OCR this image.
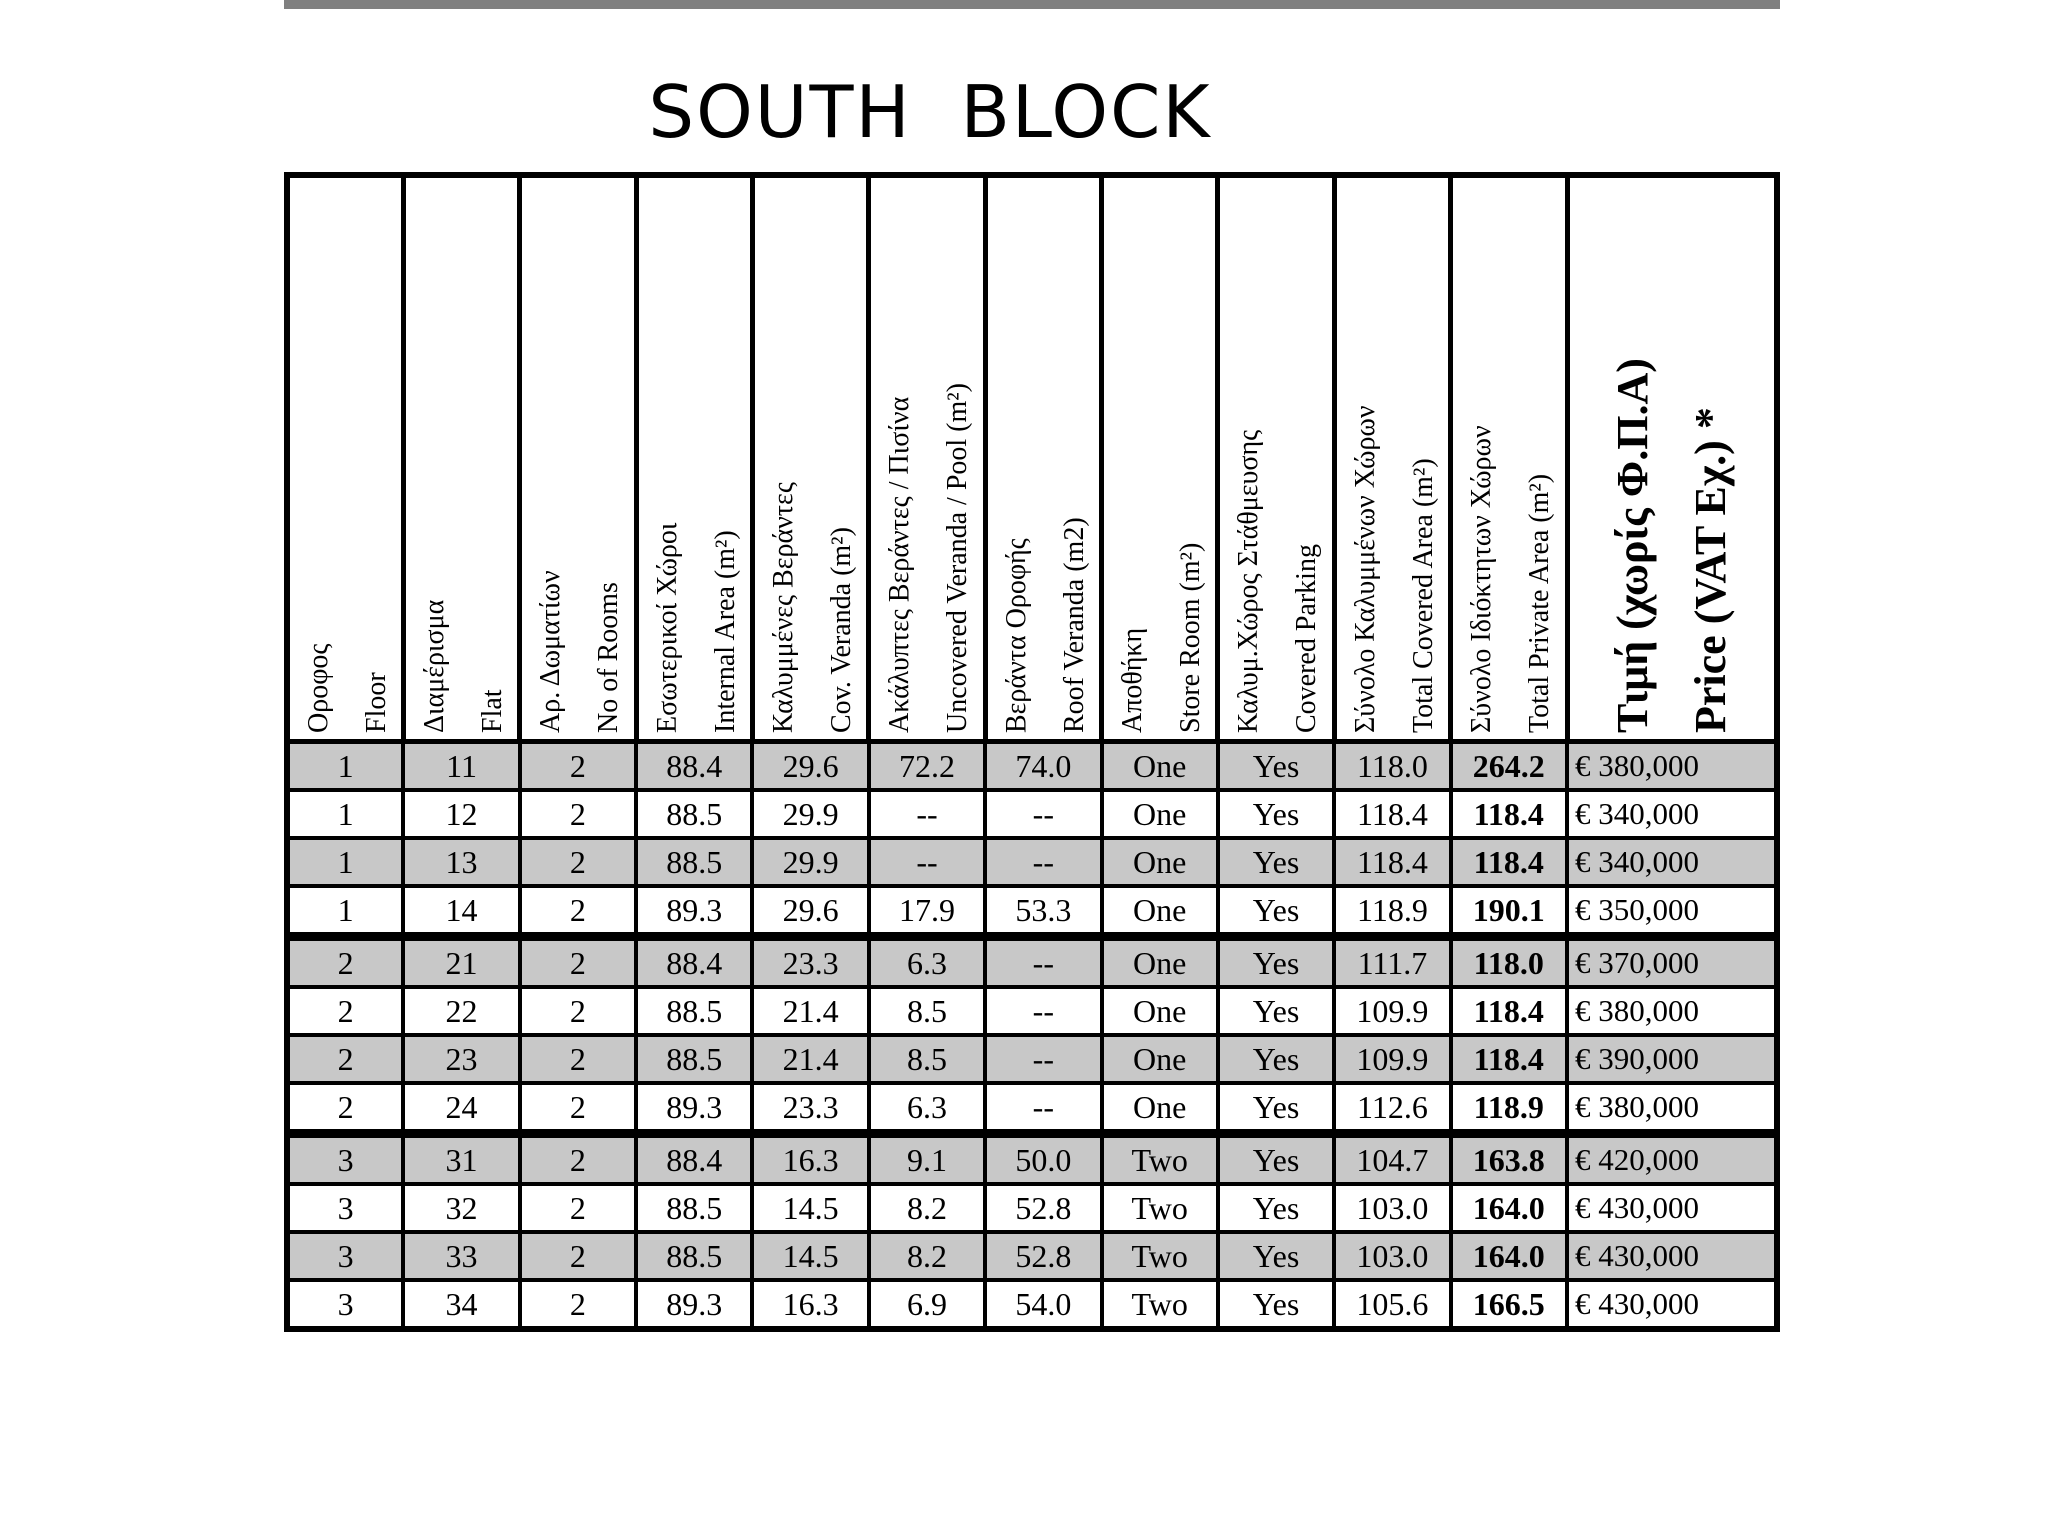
SOUTH BLOCK
Οροφος Floor	Διαμέρισμα Flat	Αρ. Δωματίων No of Rooms	Εσωτερικοί Χώροι Internal Area (m²)	Καλυμμένες Βεράντες Cov. Veranda (m²)	Ακάλυπτες Βεράντες / Πισίνα Uncovered Veranda / Pool (m²)	Βεράντα Οροφής Roof Veranda (m2)	Αποθήκη Store Room (m²)	Καλυμ.Χώρος Στάθμευσης Covered Parking	Σύνολο Καλυμμένων Χώρων Total Covered Area (m²)	Σύνολο Ιδιόκτητων Χώρων Total Private Area (m²)	Τιμή (χωρίς Φ.Π.Α) Price (VAT Εχ.) *

1	11	2	88.4	29.6	72.2	74.0	One	Yes	118.0	264.2	€ 380,000
1	12	2	88.5	29.9	--	--	One	Yes	118.4	118.4	€ 340,000
1	13	2	88.5	29.9	--	--	One	Yes	118.4	118.4	€ 340,000
1	14	2	89.3	29.6	17.9	53.3	One	Yes	118.9	190.1	€ 350,000
2	21	2	88.4	23.3	6.3	--	One	Yes	111.7	118.0	€ 370,000
2	22	2	88.5	21.4	8.5	--	One	Yes	109.9	118.4	€ 380,000
2	23	2	88.5	21.4	8.5	--	One	Yes	109.9	118.4	€ 390,000
2	24	2	89.3	23.3	6.3	--	One	Yes	112.6	118.9	€ 380,000
3	31	2	88.4	16.3	9.1	50.0	Two	Yes	104.7	163.8	€ 420,000
3	32	2	88.5	14.5	8.2	52.8	Two	Yes	103.0	164.0	€ 430,000
3	33	2	88.5	14.5	8.2	52.8	Two	Yes	103.0	164.0	€ 430,000
3	34	2	89.3	16.3	6.9	54.0	Two	Yes	105.6	166.5	€ 430,000
